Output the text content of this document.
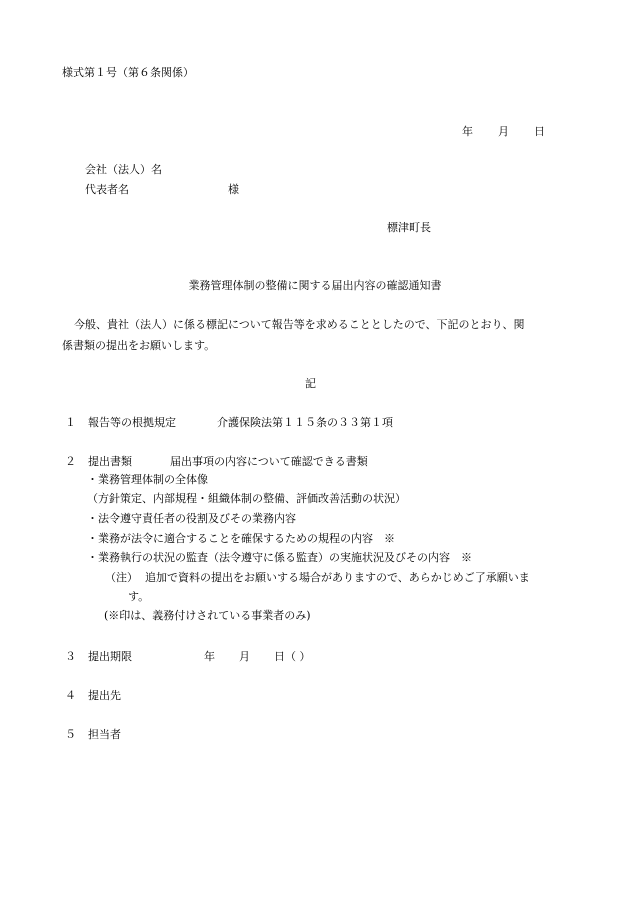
様式第１号（第６条関係）
年 月 日
会社（法人）名
代表者名	様
標津町長
業務管理体制の整備に関する届出内容の確認通知書
今般、貴社（法人）に係る標記について報告等を求めることとしたので、下記のとおり、関
係書類の提出をお願いします。
記
１ 報告等の根拠規定	介護保険法第１１５条の３３第１項
２ 提出書類	届出事項の内容について確認できる書類
・業務管理体制の全体像
（方針策定、内部規程・組織体制の整備、評価改善活動の状況）
・法令遵守責任者の役割及びその業務内容
・業務が法令に適合することを確保するための規程の内容　※
・業務執行の状況の監査（法令遵守に係る監査）の実施状況及びその内容　※
（注） 追加で資料の提出をお願いする場合がありますので、あらかじめご了承願いま
す。
(※印は、義務付けされている事業者のみ)
３ 提出期限	年 月 日（ ）
４ 提出先
５ 担当者
